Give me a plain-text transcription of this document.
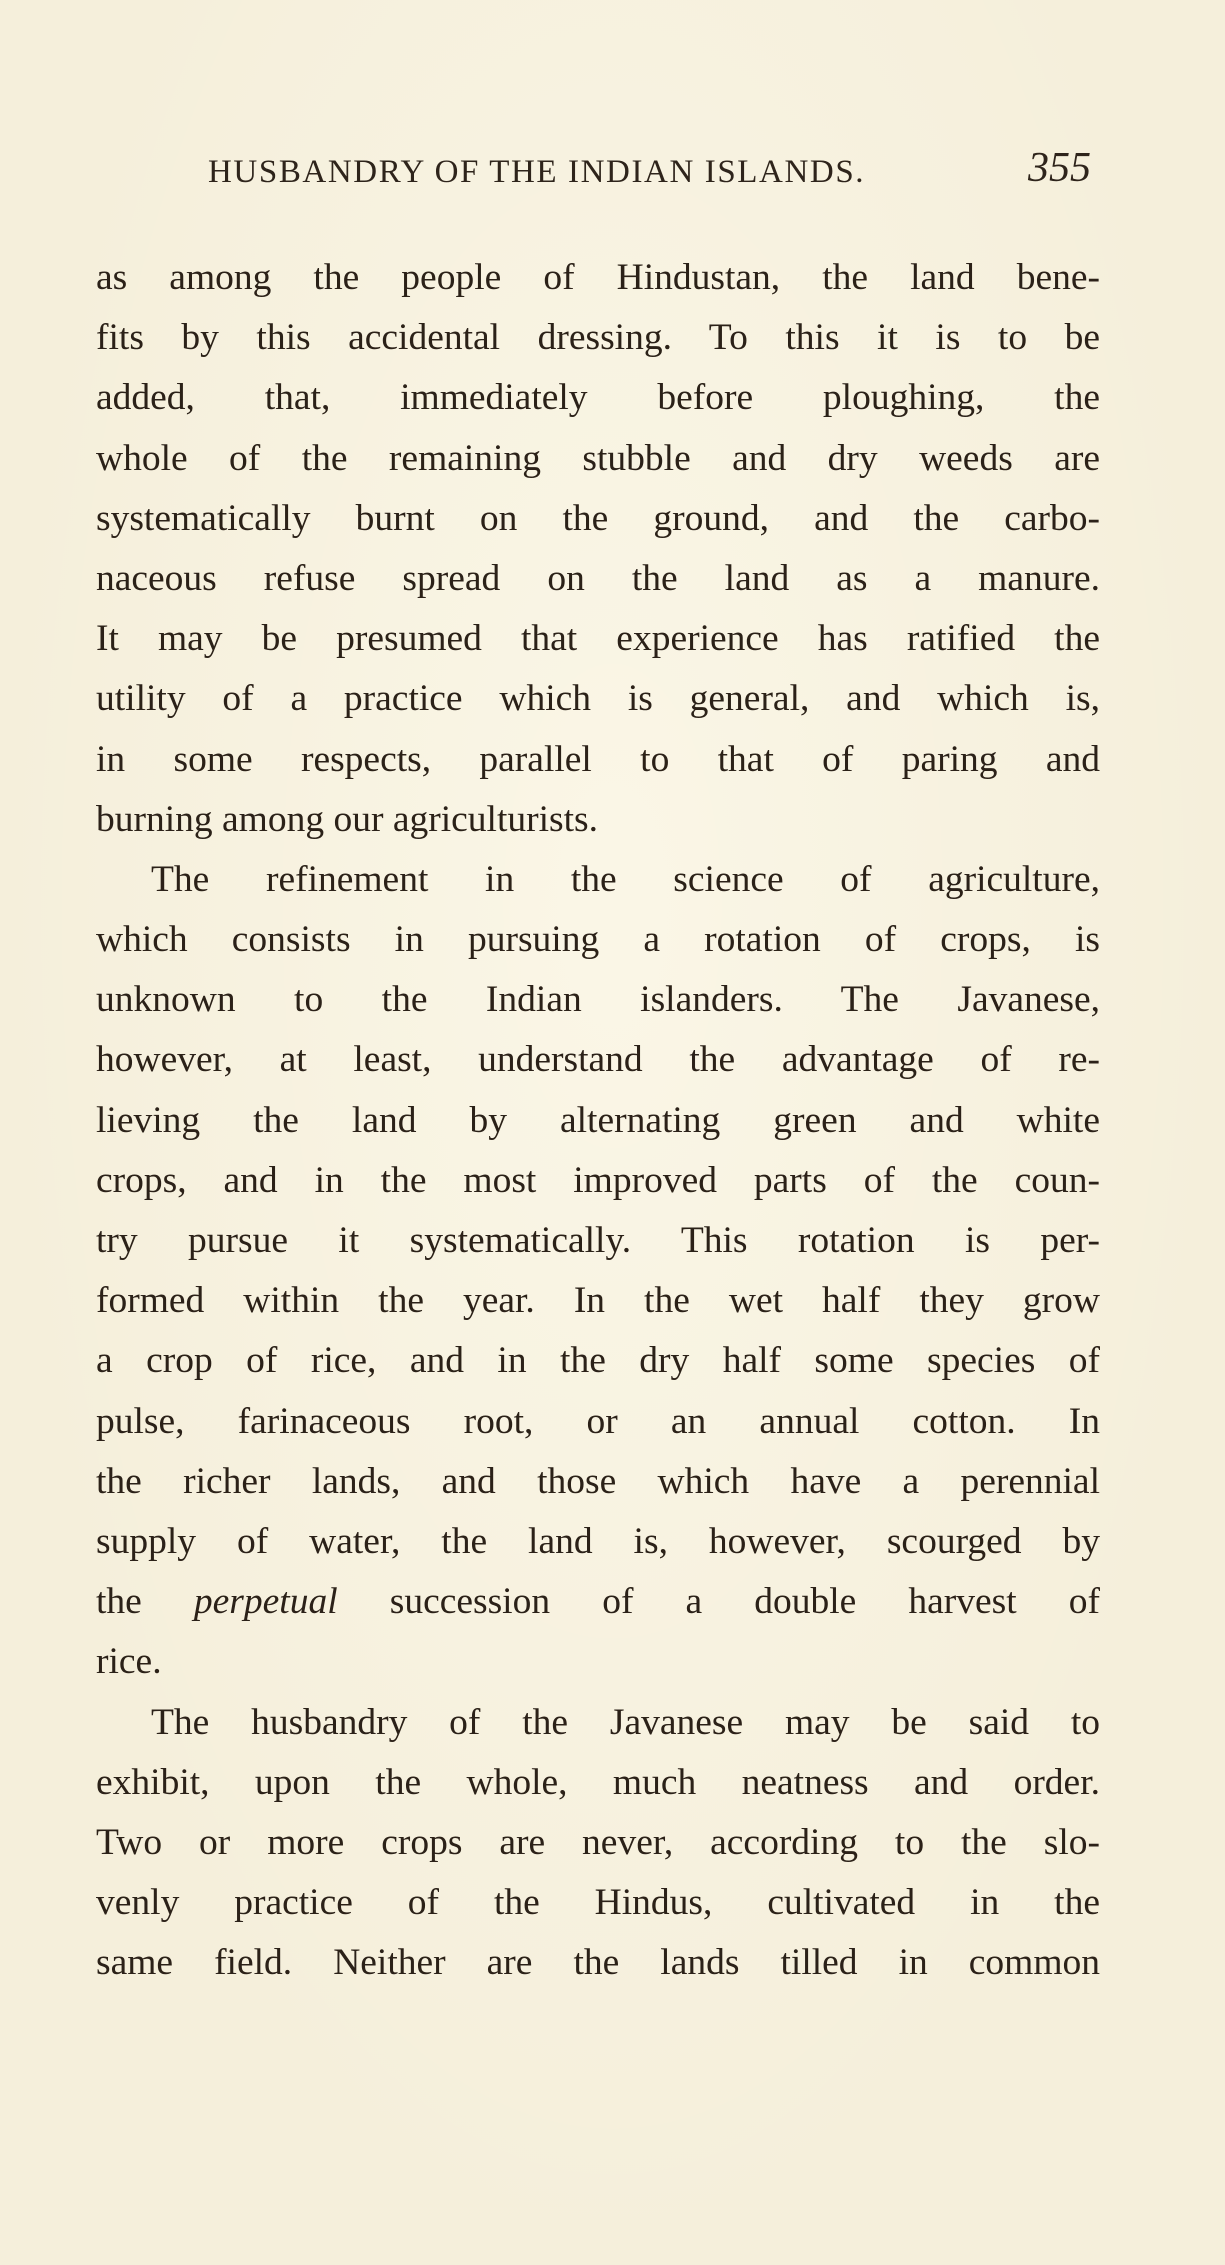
HUSBANDRY OF THE INDIAN ISLANDS.	355
as among the people of Hindustan, the land bene-
fits by this accidental dressing. To this it is to be
added, that, immediately before ploughing, the
whole of the remaining stubble and dry weeds are
systematically burnt on the ground, and the carbo-
naceous refuse spread on the land as a manure.
It may be presumed that experience has ratified the
utility of a practice which is general, and which is,
in some respects, parallel to that of paring and
burning among our agriculturists.
The refinement in the science of agriculture,
which consists in pursuing a rotation of crops, is
unknown to the Indian islanders. The Javanese,
however, at least, understand the advantage of re-
lieving the land by alternating green and white
crops, and in the most improved parts of the coun-
try pursue it systematically. This rotation is per-
formed within the year. In the wet half they grow
a crop of rice, and in the dry half some species of
pulse, farinaceous root, or an annual cotton. In
the richer lands, and those which have a perennial
supply of water, the land is, however, scourged by
the perpetual succession of a double harvest of
rice.
The husbandry of the Javanese may be said to
exhibit, upon the whole, much neatness and order.
Two or more crops are never, according to the slo-
venly practice of the Hindus, cultivated in the
same field. Neither are the lands tilled in common
